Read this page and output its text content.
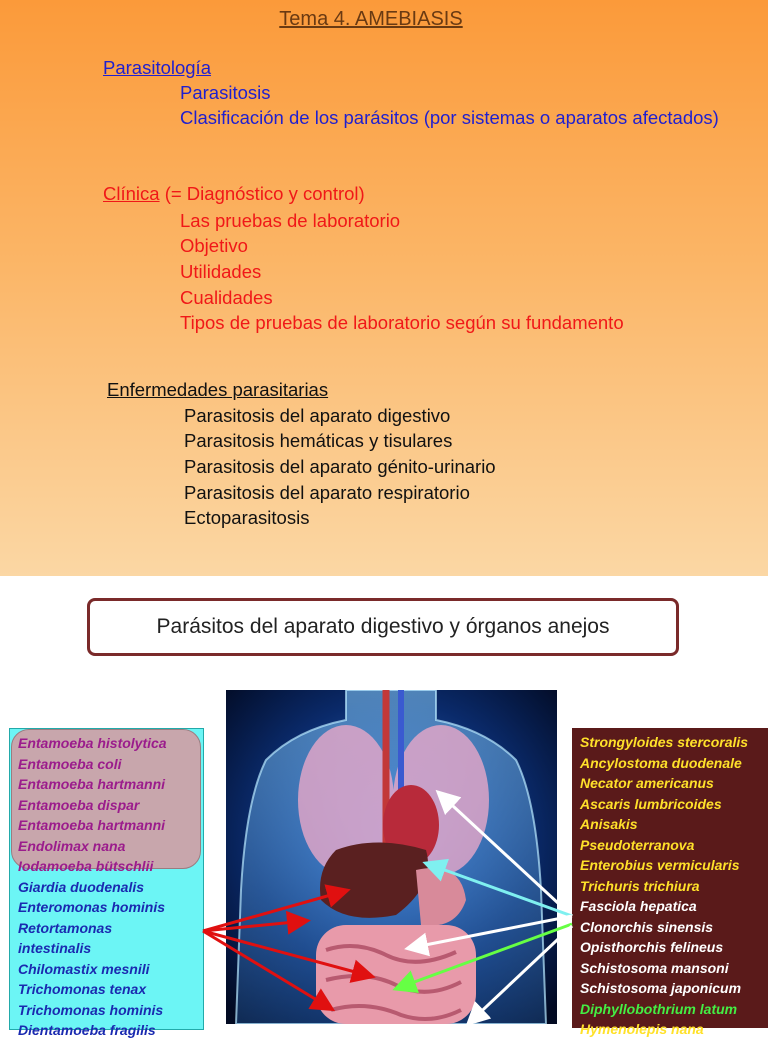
Tema 4. AMEBIASIS
Parasitología
Parasitosis
Clasificación de los parásitos (por sistemas o aparatos afectados)
Clínica (= Diagnóstico y control)
Las pruebas de laboratorio
Objetivo
Utilidades
Cualidades
Tipos de pruebas de laboratorio según su fundamento
Enfermedades parasitarias
Parasitosis del aparato digestivo
Parasitosis hemáticas y tisulares
Parasitosis del aparato génito-urinario
Parasitosis del aparato respiratorio
Ectoparasitosis
Parásitos del aparato digestivo y órganos anejos
Entamoeba histolytica
Entamoeba coli
Entamoeba hartmanni
Entamoeba dispar
Entamoeba hartmanni
Endolimax nana
Iodamoeba bütschlii
Giardia duodenalis
Enteromonas hominis
Retortamonas
intestinalis
Chilomastix mesnili
Trichomonas tenax
Trichomonas hominis
Dientamoeba fragilis
Strongyloides stercoralis
Ancylostoma duodenale
Necator americanus
Ascaris lumbricoides
Anisakis
Pseudoterranova
Enterobius vermicularis
Trichuris trichiura
Fasciola hepatica
Clonorchis sinensis
Opisthorchis felineus
Schistosoma mansoni
Schistosoma japonicum
Diphyllobothrium latum
Hymenolepis nana
